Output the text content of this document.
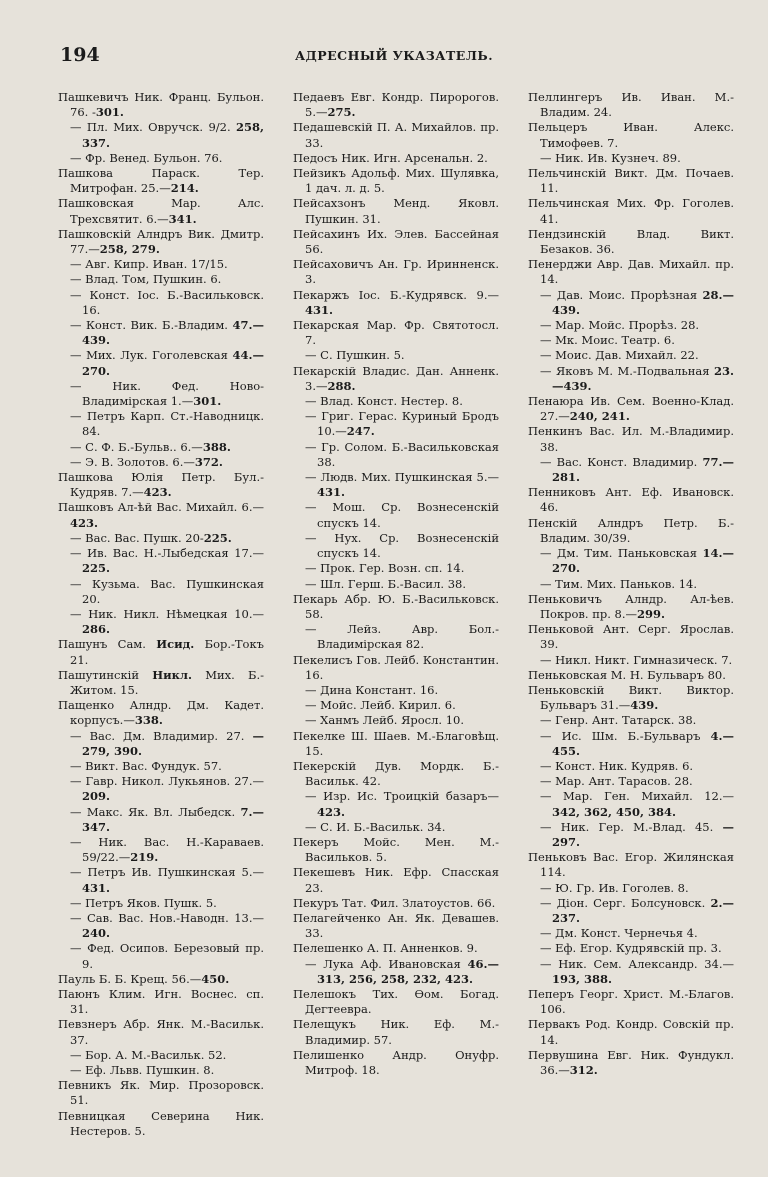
194	АДРЕСНЫЙ УКАЗАТЕЛЬ.

Пашкевичъ Ник. Франц. Бульон. 76. -301.

— Пл. Мих. Овручск. 9/2. 258, 337.

— Фр. Венед. Бульон. 76.

Пашкова Параск. Тер. Митрофан. 25.—214.

Пашковская Мар. Алс. Трехсвятит. 6.—341.

Пашковскій Алндръ Вик. Дмитр. 77.—258, 279.

— Авг. Кипр. Иван. 17/15.

— Влад. Том, Пушкин. 6.

— Конст. Іос. Б.-Васильковск. 16.

— Конст. Вик. Б.-Владим. 47.—439.

— Мих. Лук. Гоголевская 44.—270.

— Ник. Фед. Ново-Владимірская 1.—301.

— Петръ Карп. Ст.-Наводницк. 84.

— С. Ф. Б.-Бульв.. 6.—388.

— Э. В. Золотов. 6.—372.

Пашкова Юлія Петр. Бул.-Кудряв. 7.—423.

Пашковъ Ал-ѣй Вас. Михайл. 6.—423.

— Вас. Вас. Пушк. 20-225.

— Ив. Вас. Н.-Лыбедская 17.—225.

— Кузьма. Вас. Пушкинская 20.

— Ник. Никл. Нѣмецкая 10.—286.

Пашунъ Сам. Исид. Бор.-Токъ 21.

Пашутинскій Никл. Мих. Б.-Житом. 15.

Пащенко Алндр. Дм. Кадет. корпусъ.—338.

— Вас. Дм. Владимир. 27. —279, 390.

— Викт. Вас. Фундук. 57.

— Гавр. Никол. Лукьянов. 27.—209.

— Макс. Як. Вл. Лыбедск. 7.—347.

— Ник. Вас. Н.-Караваев. 59/22.—219.

— Петръ Ив. Пушкинская 5.—431.

— Петръ Яков. Пушк. 5.

— Сав. Вас. Нов.-Наводн. 13.—240.

— Фед. Осипов. Березовый пр. 9.

Пауль Б. Б. Крещ. 56.—450.

Паюнъ Клим. Игн. Воснес. сп. 31.

Певзнеръ Абр. Янк. М.-Васильк. 37.

— Бор. А. М.-Васильк. 52.

— Еф. Львв. Пушкин. 8.

Певникъ Як. Мир. Прозоровск. 51.

Певницкая Северина Ник. Нестеров. 5.

Педаевъ Евг. Кондр. Пиророгов. 5.—275.

Педашевскій П. А. Михайлов. пр. 33.

Педосъ Ник. Игн. Арсенальн. 2.

Пейзикъ Адольф. Мих. Шулявка, 1 дач. л. д. 5.

Пейсахзонъ Менд. Яковл. Пушкин. 31.

Пейсахинъ Их. Элев. Бассейная 56.

Пейсаховичъ Ан. Гр. Иринненск. 3.

Пекаржъ Іос. Б.-Кудрявск. 9.—431.

Пекарская Мар. Фр. Святотосл. 7.

— С. Пушкин. 5.

Пекарскій Владис. Дан. Анненк. 3.—288.

— Влад. Конст. Нестер. 8.

— Григ. Герас. Куриный Бродъ 10.—247.

— Гр. Солом. Б.-Васильковская 38.

— Людв. Мих. Пушкинская 5.—431.

— Мош. Ср. Вознесенскій спускъ 14.

— Нух. Ср. Вознесенскій спускъ 14.

— Прок. Гер. Возн. сп. 14.

— Шл. Герш. Б.-Васил. 38.

Пекарь Абр. Ю. Б.-Васильковск. 58.

— Лейз. Авр. Бол.-Владимірская 82.

Пекелисъ Гов. Лейб. Константин. 16.

— Дина Констант. 16.

— Мойс. Лейб. Кирил. 6.

— Ханмъ Лейб. Яросл. 10.

Пекелке Ш. Шаев. М.-Благовѣщ. 15.

Пекерскій Дув. Мордк. Б.-Васильк. 42.

— Изр. Ис. Троицкій базаръ—423.

— С. И. Б.-Васильк. 34.

Пекеръ Мойс. Мен. М.-Васильков. 5.

Пекешевъ Ник. Ефр. Спасская 23.

Пекуръ Тат. Фил. Златоустов. 66.

Пелагейченко Ан. Як. Девашев. 33.

Пелешенко А. П. Анненков. 9.

— Лука Аф. Ивановская 46.—313, 256, 258, 232, 423.

Пелешокъ Тих. Өом. Богад. Дегтеевра.

Пелещукъ Ник. Еф. М.-Владимир. 57.

Пелишенко Андр. Онуфр. Митроф. 18.

Пеллингеръ Ив. Иван. М.-Владим. 24.

Пельцеръ Иван. Алекс. Тимофѳев. 7.

— Ник. Ив. Кузнеч. 89.

Пельчинскій Викт. Дм. Почаев. 11.

Пельчинская Мих. Фр. Гоголев. 41.

Пендзинскій Влад. Викт. Безаков. 36.

Пенерджи Авр. Дав. Михайл. пр. 14.

— Дав. Моис. Прорѣзная 28.—439.

— Мар. Мойс. Прорѣз. 28.

— Мк. Моис. Театр. 6.

— Моис. Дав. Михайл. 22.

— Яковъ М. М.-Подвальная 23.—439.

Пенаюра Ив. Сем. Военно-Клад. 27.—240, 241.

Пенкинъ Вас. Ил. М.-Владимир. 38.

— Вас. Конст. Владимир. 77.—281.

Пенниковъ Ант. Еф. Ивановск. 46.

Пенскій Алндръ Петр. Б.-Владим. 30/39.

— Дм. Тим. Паньковская 14.—270.

— Тим. Мих. Паньков. 14.

Пеньковичъ Алндр. Ал-ѣев. Покров. пр. 8.—299.

Пеньковой Ант. Серг. Ярослав. 39.

— Никл. Никт. Гимназическ. 7.

Пеньковская М. Н. Бульваръ 80.

Пеньковскій Викт. Виктор. Бульваръ 31.—439.

— Генр. Ант. Татарск. 38.

— Ис. Шм. Б.-Бульваръ 4.—455.

— Конст. Ник. Кудряв. 6.

— Мар. Ант. Тарасов. 28.

— Мар. Ген. Михайл. 12.— 342, 362, 450, 384.

— Ник. Гер. М.-Влад. 45. —297.

Пеньковъ Вас. Егор. Жилянская 114.

— Ю. Гр. Ив. Гоголев. 8.

— Діон. Серг. Болсуновск. 2.—237.

— Дм. Конст. Чернечья 4.

— Еф. Егор. Кудрявскій пр. 3.

— Ник. Сем. Александр. 34.—193, 388.

Пеперъ Георг. Христ. М.-Благов. 106.

Первакъ Род. Кондр. Совскій пр. 14.

Первушина Евг. Ник. Фундукл. 36.—312.
